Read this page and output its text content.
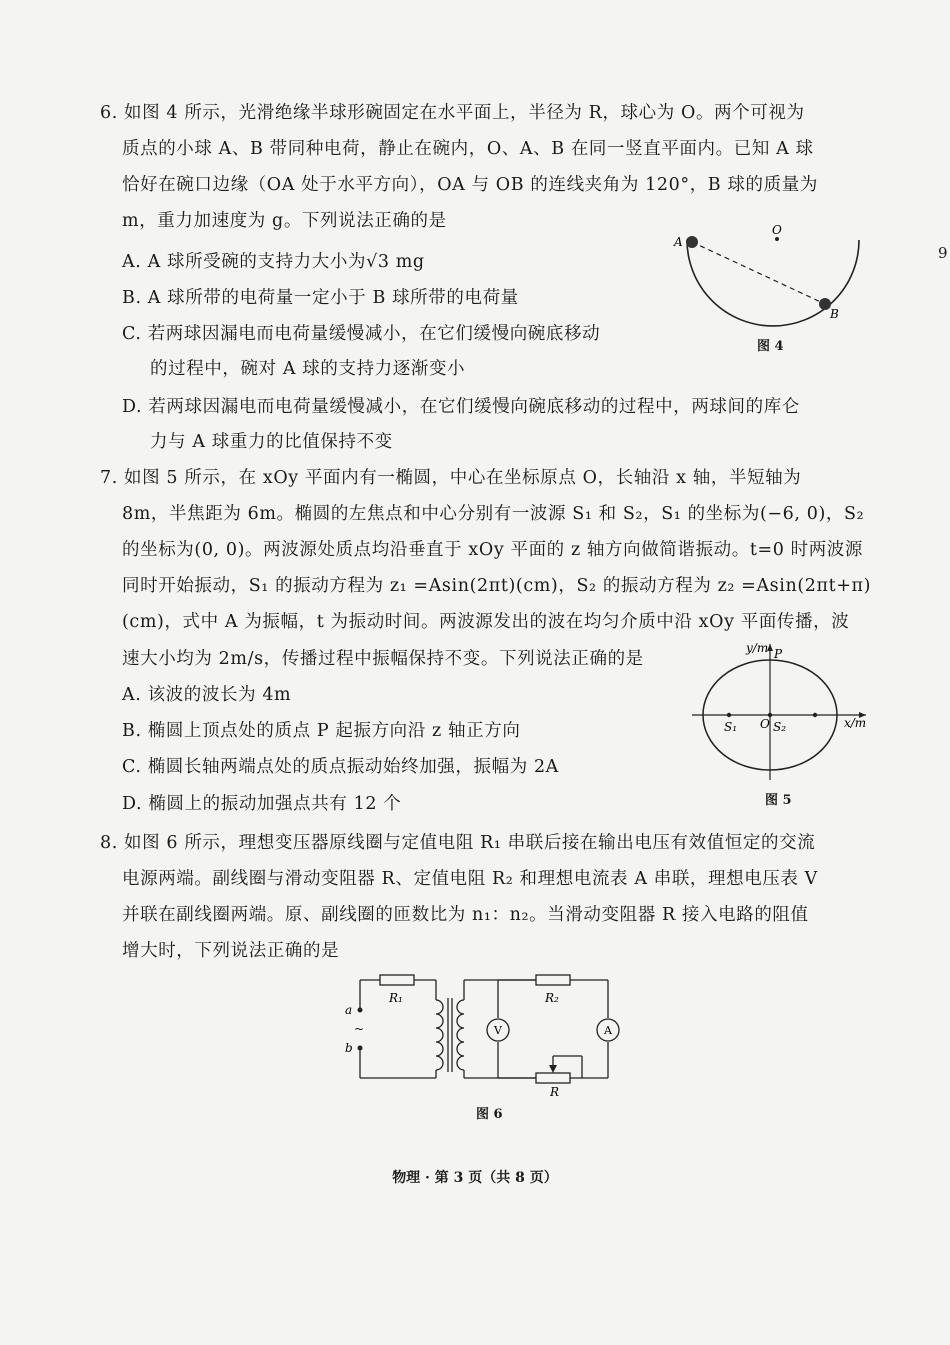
6. 如图 4 所示，光滑绝缘半球形碗固定在水平面上，半径为 R，球心为 O。两个可视为
质点的小球 A、B 带同种电荷，静止在碗内，O、A、B 在同一竖直平面内。已知 A 球
恰好在碗口边缘（OA 处于水平方向），OA 与 OB 的连线夹角为 120°，B 球的质量为
m，重力加速度为 g。下列说法正确的是
A. A 球所受碗的支持力大小为√3 mg
B. A 球所带的电荷量一定小于 B 球所带的电荷量
C. 若两球因漏电而电荷量缓慢减小，在它们缓慢向碗底移动
的过程中，碗对 A 球的支持力逐渐变小
D. 若两球因漏电而电荷量缓慢减小，在它们缓慢向碗底移动的过程中，两球间的库仑
力与 A 球重力的比值保持不变
A
O
B
图 4
7. 如图 5 所示，在 xOy 平面内有一椭圆，中心在坐标原点 O，长轴沿 x 轴，半短轴为
8m，半焦距为 6m。椭圆的左焦点和中心分别有一波源 S₁ 和 S₂，S₁ 的坐标为(−6, 0)，S₂
的坐标为(0, 0)。两波源处质点均沿垂直于 xOy 平面的 z 轴方向做简谐振动。t=0 时两波源
同时开始振动，S₁ 的振动方程为 z₁ =Asin(2πt)(cm)，S₂ 的振动方程为 z₂ =Asin(2πt+π)
(cm)，式中 A 为振幅，t 为振动时间。两波源发出的波在均匀介质中沿 xOy 平面传播，波
速大小均为 2m/s，传播过程中振幅保持不变。下列说法正确的是
A. 该波的波长为 4m
B. 椭圆上顶点处的质点 P 起振方向沿 z 轴正方向
C. 椭圆长轴两端点处的质点振动始终加强，振幅为 2A
D. 椭圆上的振动加强点共有 12 个
y/m
x/m
P
O
S₁	S₂
图 5
8. 如图 6 所示，理想变压器原线圈与定值电阻 R₁ 串联后接在输出电压有效值恒定的交流
电源两端。副线圈与滑动变阻器 R、定值电阻 R₂ 和理想电流表 A 串联，理想电压表 V
并联在副线圈两端。原、副线圈的匝数比为 n₁：n₂。当滑动变阻器 R 接入电路的阻值
增大时，下列说法正确的是
a
~
b
R₁	R₂
R
V	A
图 6
物理 · 第 3 页（共 8 页）
9
